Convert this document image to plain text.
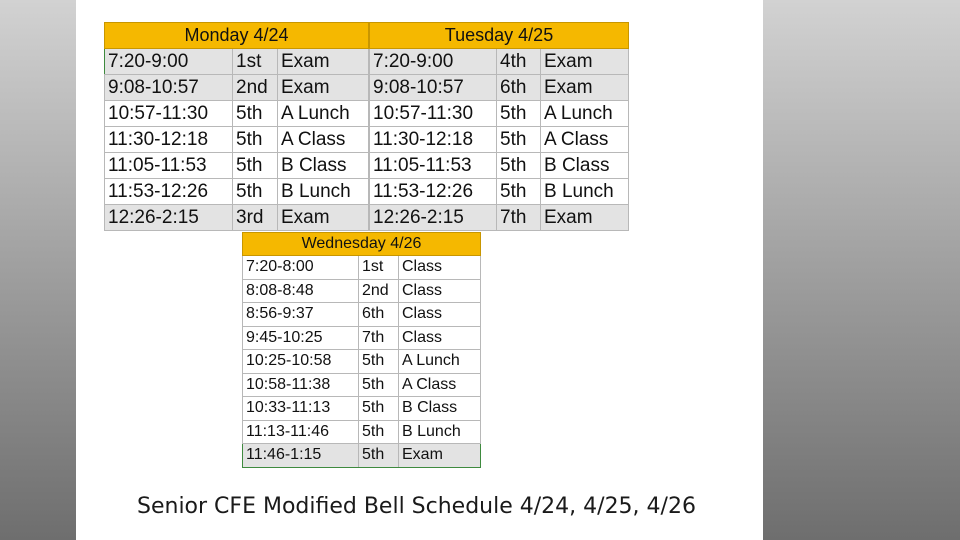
Monday 4/24		
7:20-9:00	1st	Exam
9:08-10:57	2nd	Exam
10:57-11:30	5th	A Lunch
11:30-12:18	5th	A Class
11:05-11:53	5th	B Class
11:53-12:26	5th	B Lunch
12:26-2:15	3rd	Exam
Tuesday 4/25		
7:20-9:00	4th	Exam
9:08-10:57	6th	Exam
10:57-11:30	5th	A Lunch
11:30-12:18	5th	A Class
11:05-11:53	5th	B Class
11:53-12:26	5th	B Lunch
12:26-2:15	7th	Exam
Wednesday 4/26		
7:20-8:00	1st	Class
8:08-8:48	2nd	Class
8:56-9:37	6th	Class
9:45-10:25	7th	Class
10:25-10:58	5th	A Lunch
10:58-11:38	5th	A Class
10:33-11:13	5th	B Class
11:13-11:46	5th	B Lunch
11:46-1:15	5th	Exam
Senior CFE Modified Bell Schedule 4/24, 4/25, 4/26
